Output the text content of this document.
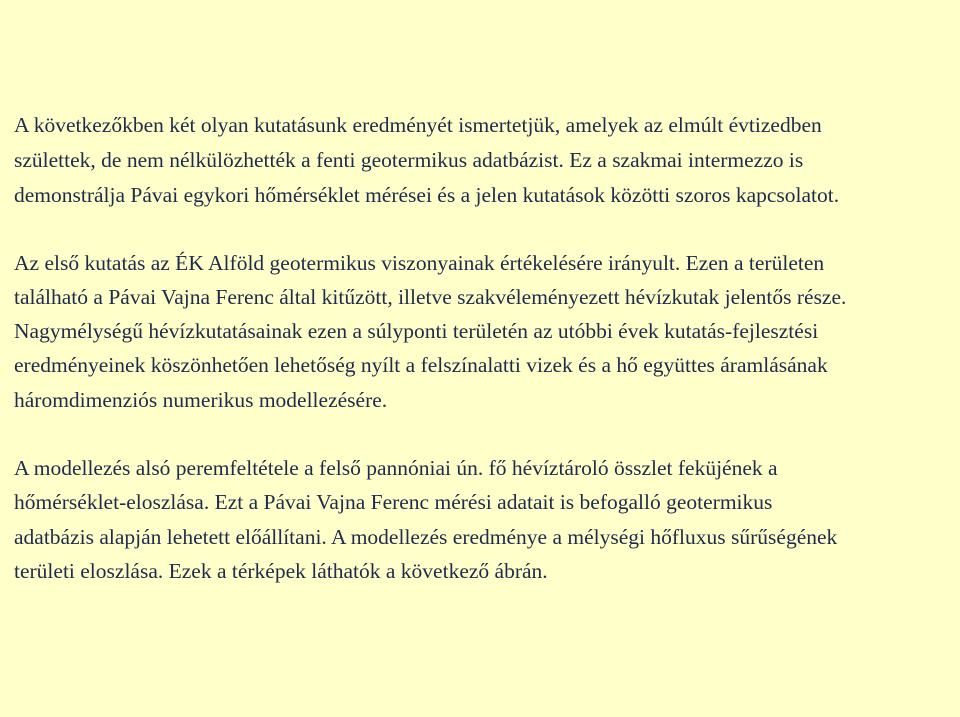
A következőkben két olyan kutatásunk eredményét ismertetjük, amelyek az elmúlt évtizedben
születtek, de nem nélkülözhették a fenti geotermikus adatbázist. Ez a szakmai intermezzo is
demonstrálja Pávai egykori hőmérséklet mérései és a jelen kutatások közötti szoros kapcsolatot.
Az első kutatás az ÉK Alföld geotermikus viszonyainak értékelésére irányult. Ezen a területen
található a Pávai Vajna Ferenc által kitűzött, illetve szakvéleményezett hévízkutak jelentős része.
Nagymélységű hévízkutatásainak ezen a súlyponti területén az utóbbi évek kutatás-fejlesztési
eredményeinek köszönhetően lehetőség nyílt a felszínalatti vizek és a hő együttes áramlásának
háromdimenziós numerikus modellezésére.
A modellezés alsó peremfeltétele a felső pannóniai ún. fő hévíztároló összlet feküjének a
hőmérséklet-eloszlása. Ezt a Pávai Vajna Ferenc mérési adatait is befogalló geotermikus
adatbázis alapján lehetett előállítani. A modellezés eredménye a mélységi hőfluxus sűrűségének
területi eloszlása. Ezek a térképek láthatók a következő ábrán.
